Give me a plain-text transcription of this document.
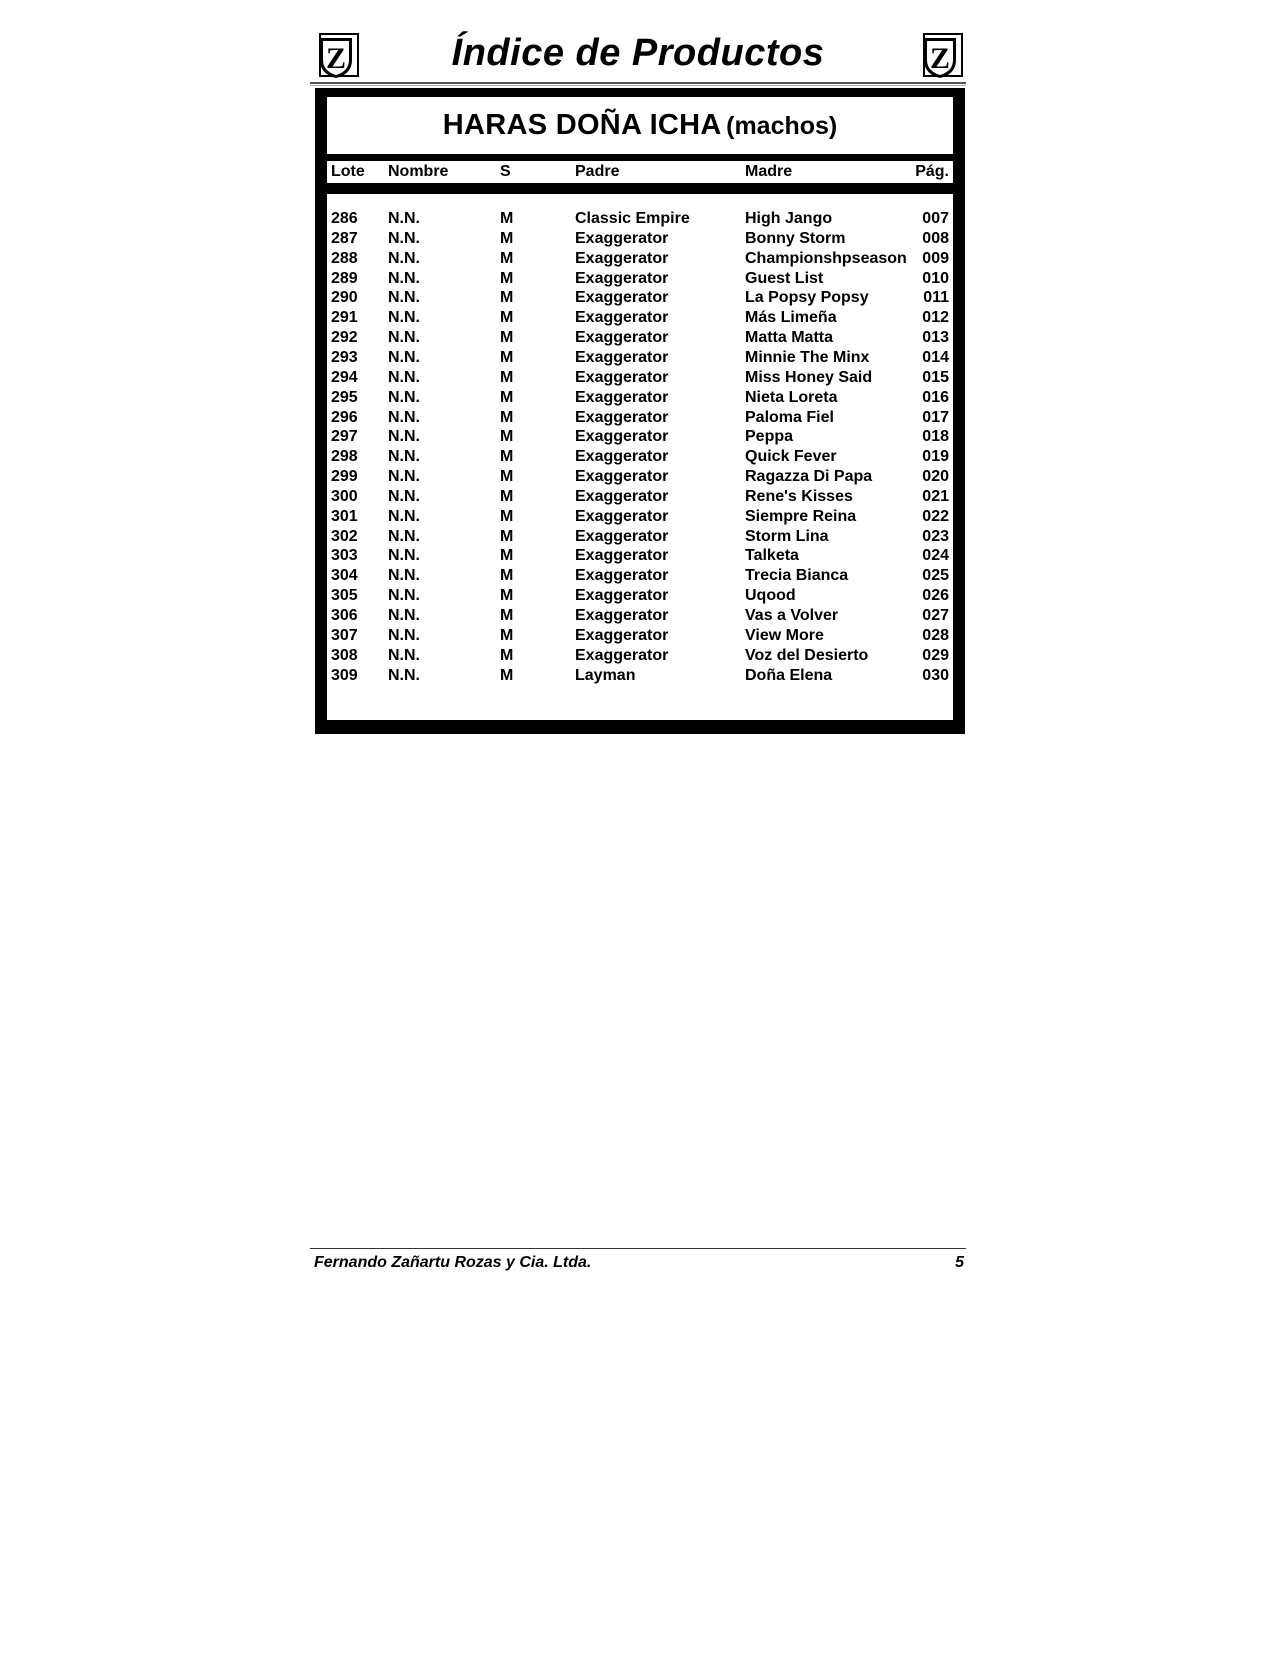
Z	Índice de Productos	Z
HARAS DOÑA ICHA (machos)
Lote Nombre	S	Padre	Madre	Pág.
286 N.N.	M	Classic Empire	High Jango	007
287 N.N.	M	Exaggerator	Bonny Storm	008
288 N.N.	M	Exaggerator	Championshpseason 009
289 N.N.	M	Exaggerator	Guest List	010
290 N.N.	M	Exaggerator	La Popsy Popsy	011
291 N.N.	M	Exaggerator	Más Limeña	012
292 N.N.	M	Exaggerator	Matta Matta	013
293 N.N.	M	Exaggerator	Minnie The Minx	014
294 N.N.	M	Exaggerator	Miss Honey Said	015
295 N.N.	M	Exaggerator	Nieta Loreta	016
296 N.N.	M	Exaggerator	Paloma Fiel	017
297 N.N.	M	Exaggerator	Peppa	018
298 N.N.	M	Exaggerator	Quick Fever	019
299 N.N.	M	Exaggerator	Ragazza Di Papa	020
300 N.N.	M	Exaggerator	Rene's Kisses	021
301 N.N.	M	Exaggerator	Siempre Reina	022
302 N.N.	M	Exaggerator	Storm Lina	023
303 N.N.	M	Exaggerator	Talketa	024
304 N.N.	M	Exaggerator	Trecia Bianca	025
305 N.N.	M	Exaggerator	Uqood	026
306 N.N.	M	Exaggerator	Vas a Volver	027
307 N.N.	M	Exaggerator	View More	028
308 N.N.	M	Exaggerator	Voz del Desierto	029
309 N.N.	M	Layman	Doña Elena	030
Fernando Zañartu Rozas y Cia. Ltda.	5
